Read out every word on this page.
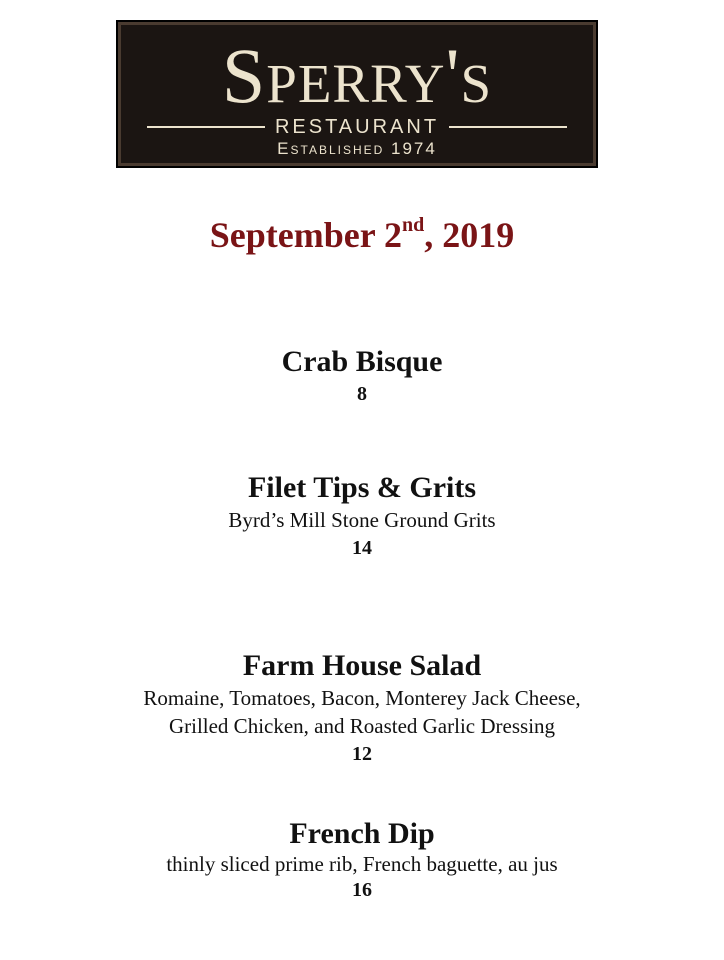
Sperry's
RESTAURANT
Established 1974
September 2nd, 2019
Crab Bisque
8
Filet Tips & Grits
Byrd’s Mill Stone Ground Grits
14
Farm House Salad
Romaine, Tomatoes, Bacon, Monterey Jack Cheese,
Grilled Chicken, and Roasted Garlic Dressing
12
French Dip
thinly sliced prime rib, French baguette, au jus
16
